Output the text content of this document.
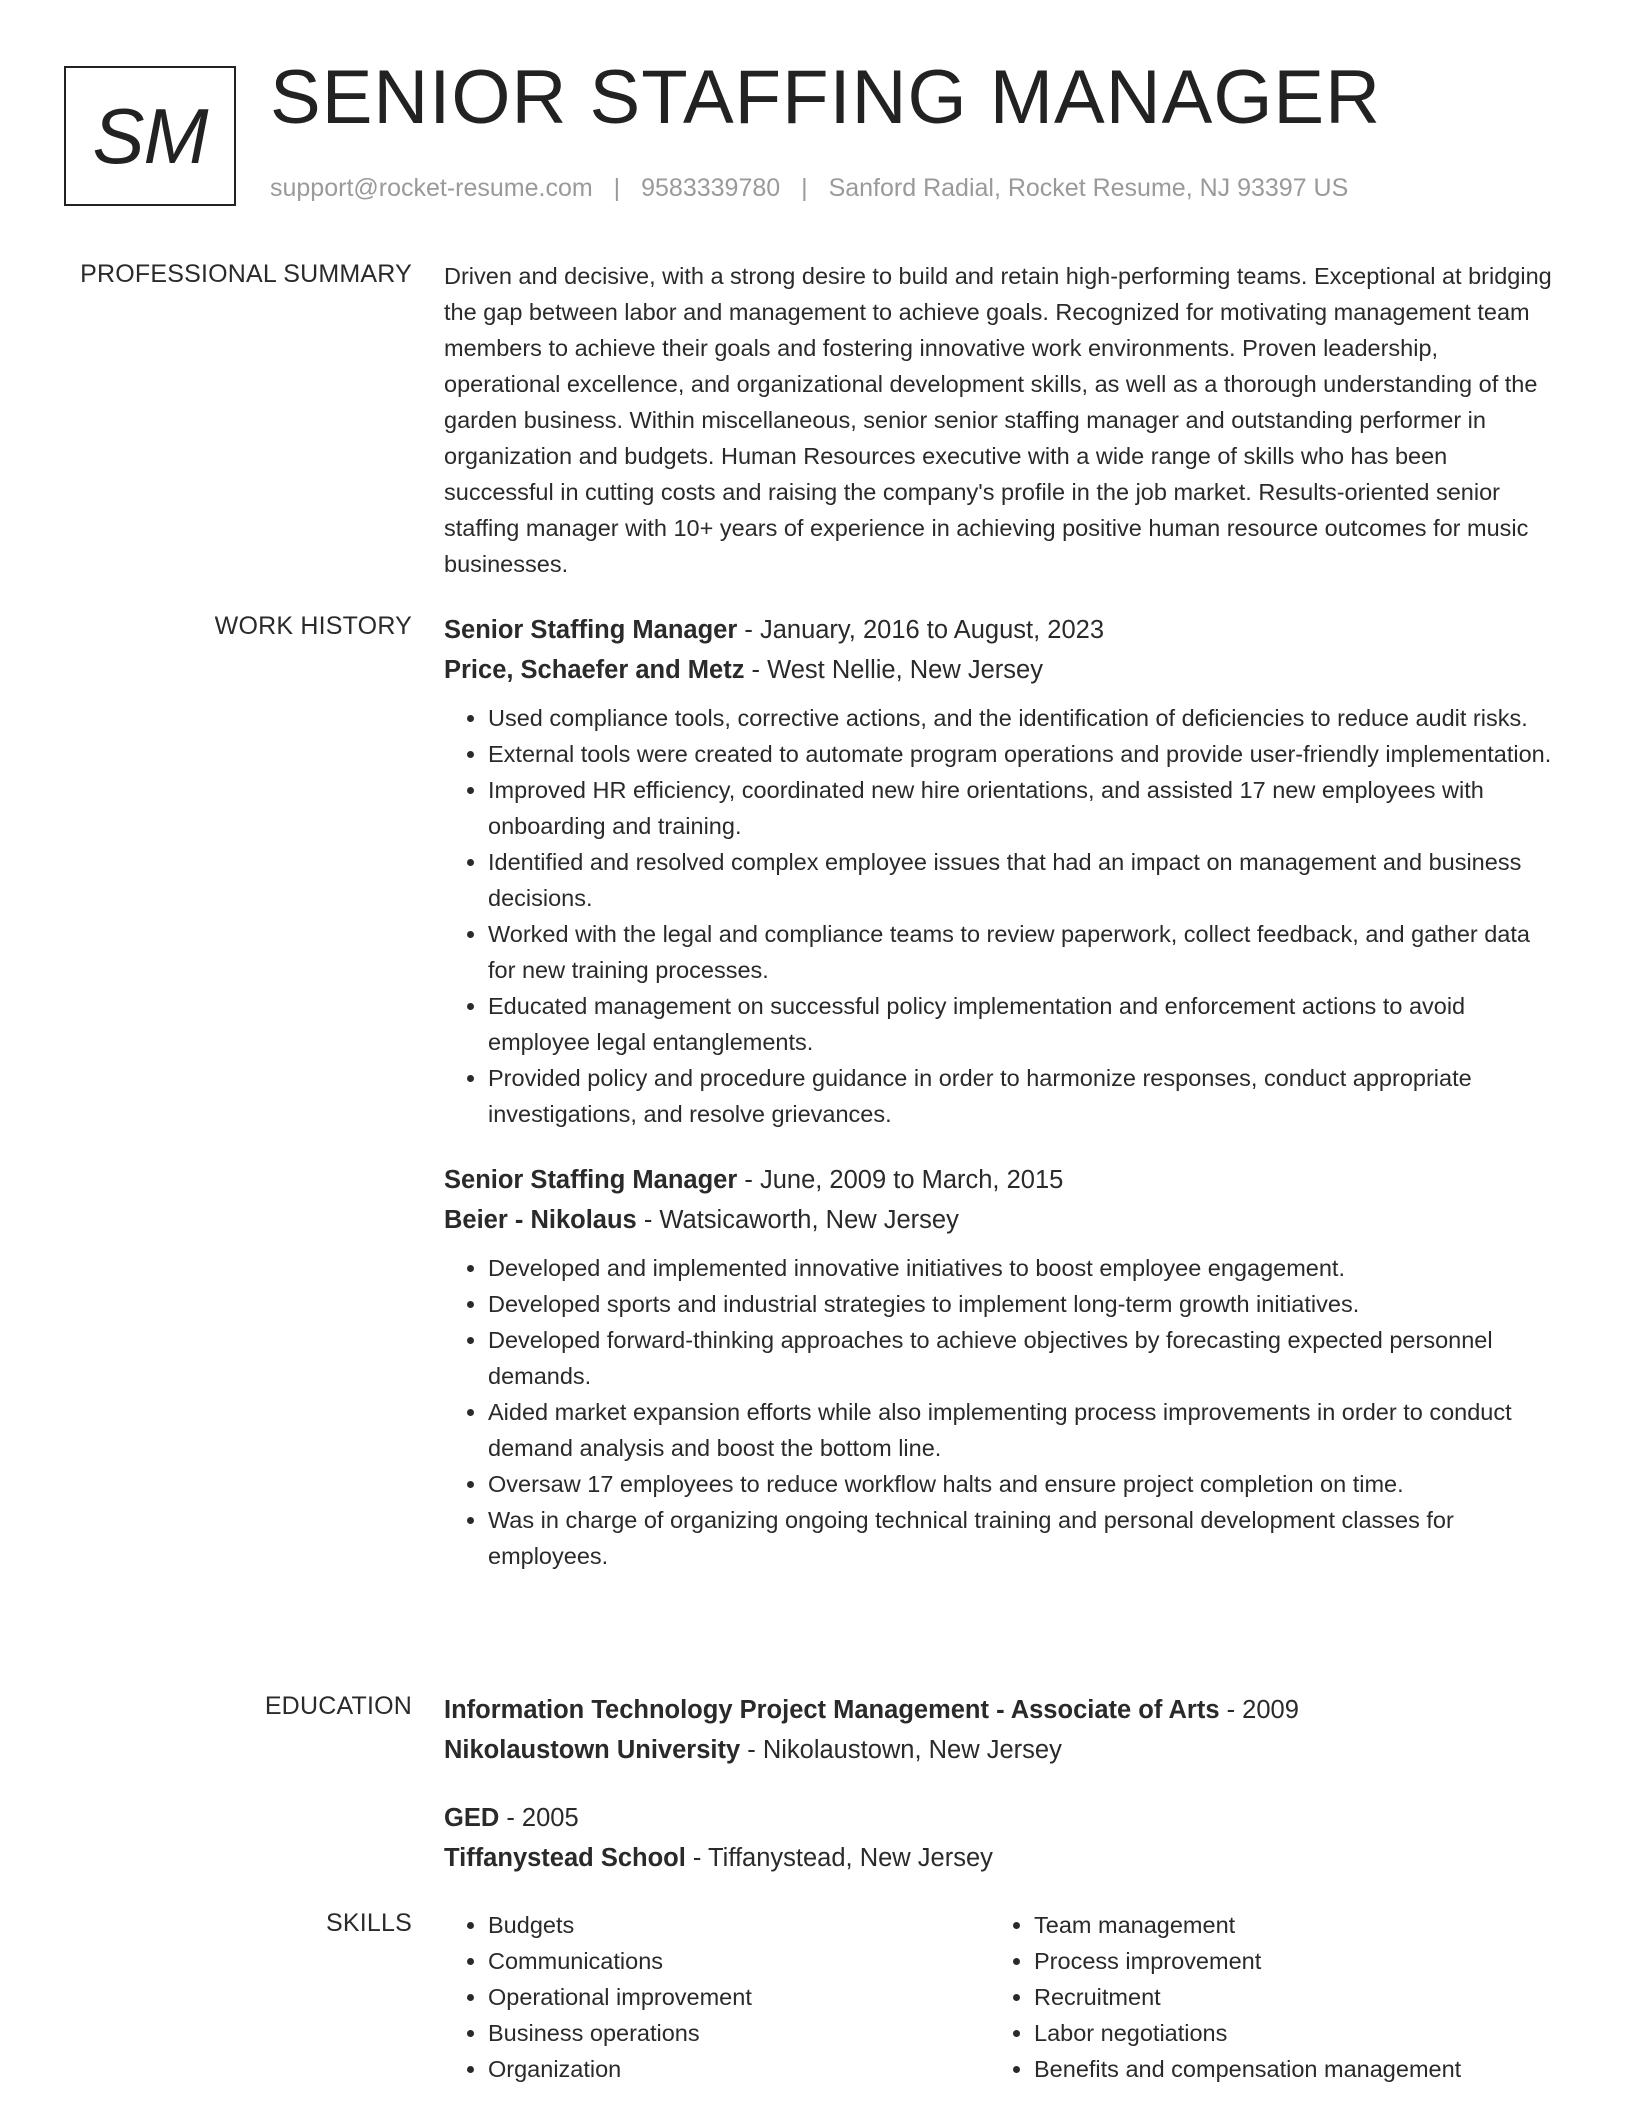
SM SENIOR STAFFING MANAGER
support@rocket-resume.com | 9583339780 | Sanford Radial, Rocket Resume, NJ 93397 US
PROFESSIONAL SUMMARY Driven and decisive, with a strong desire to build and retain high-performing teams. Exceptional at bridging the gap between labor and management to achieve goals. Recognized for motivating management team members to achieve their goals and fostering innovative work environments. Proven leadership, operational excellence, and organizational development skills, as well as a thorough understanding of the garden business. Within miscellaneous, senior senior staffing manager and outstanding performer in organization and budgets. Human Resources executive with a wide range of skills who has been successful in cutting costs and raising the company's profile in the job market. Results-oriented senior staffing manager with 10+ years of experience in achieving positive human resource outcomes for music businesses.

WORK HISTORY Senior Staffing Manager - January, 2016 to August, 2023
Price, Schaefer and Metz - West Nellie, New Jersey
• Used compliance tools, corrective actions, and the identification of deficiencies to reduce audit risks.
• External tools were created to automate program operations and provide user-friendly implementation.
• Improved HR efficiency, coordinated new hire orientations, and assisted 17 new employees with onboarding and training.
• Identified and resolved complex employee issues that had an impact on management and business decisions.
• Worked with the legal and compliance teams to review paperwork, collect feedback, and gather data for new training processes.
• Educated management on successful policy implementation and enforcement actions to avoid employee legal entanglements.
• Provided policy and procedure guidance in order to harmonize responses, conduct appropriate investigations, and resolve grievances.
Senior Staffing Manager - June, 2009 to March, 2015
Beier - Nikolaus - Watsicaworth, New Jersey
• Developed and implemented innovative initiatives to boost employee engagement.
• Developed sports and industrial strategies to implement long-term growth initiatives.
• Developed forward-thinking approaches to achieve objectives by forecasting expected personnel demands.
• Aided market expansion efforts while also implementing process improvements in order to conduct demand analysis and boost the bottom line.
• Oversaw 17 employees to reduce workflow halts and ensure project completion on time.
• Was in charge of organizing ongoing technical training and personal development classes for employees.
EDUCATION Information Technology Project Management - Associate of Arts - 2009
Nikolaustown University - Nikolaustown, New Jersey
GED - 2005
Tiffanystead School - Tiffanystead, New Jersey
SKILLS
•	Budgets
• Communications
• Operational improvement
• Business operations
• Organization
• Team management
• Process improvement
• Recruitment
• Labor negotiations
• Benefits and compensation management
